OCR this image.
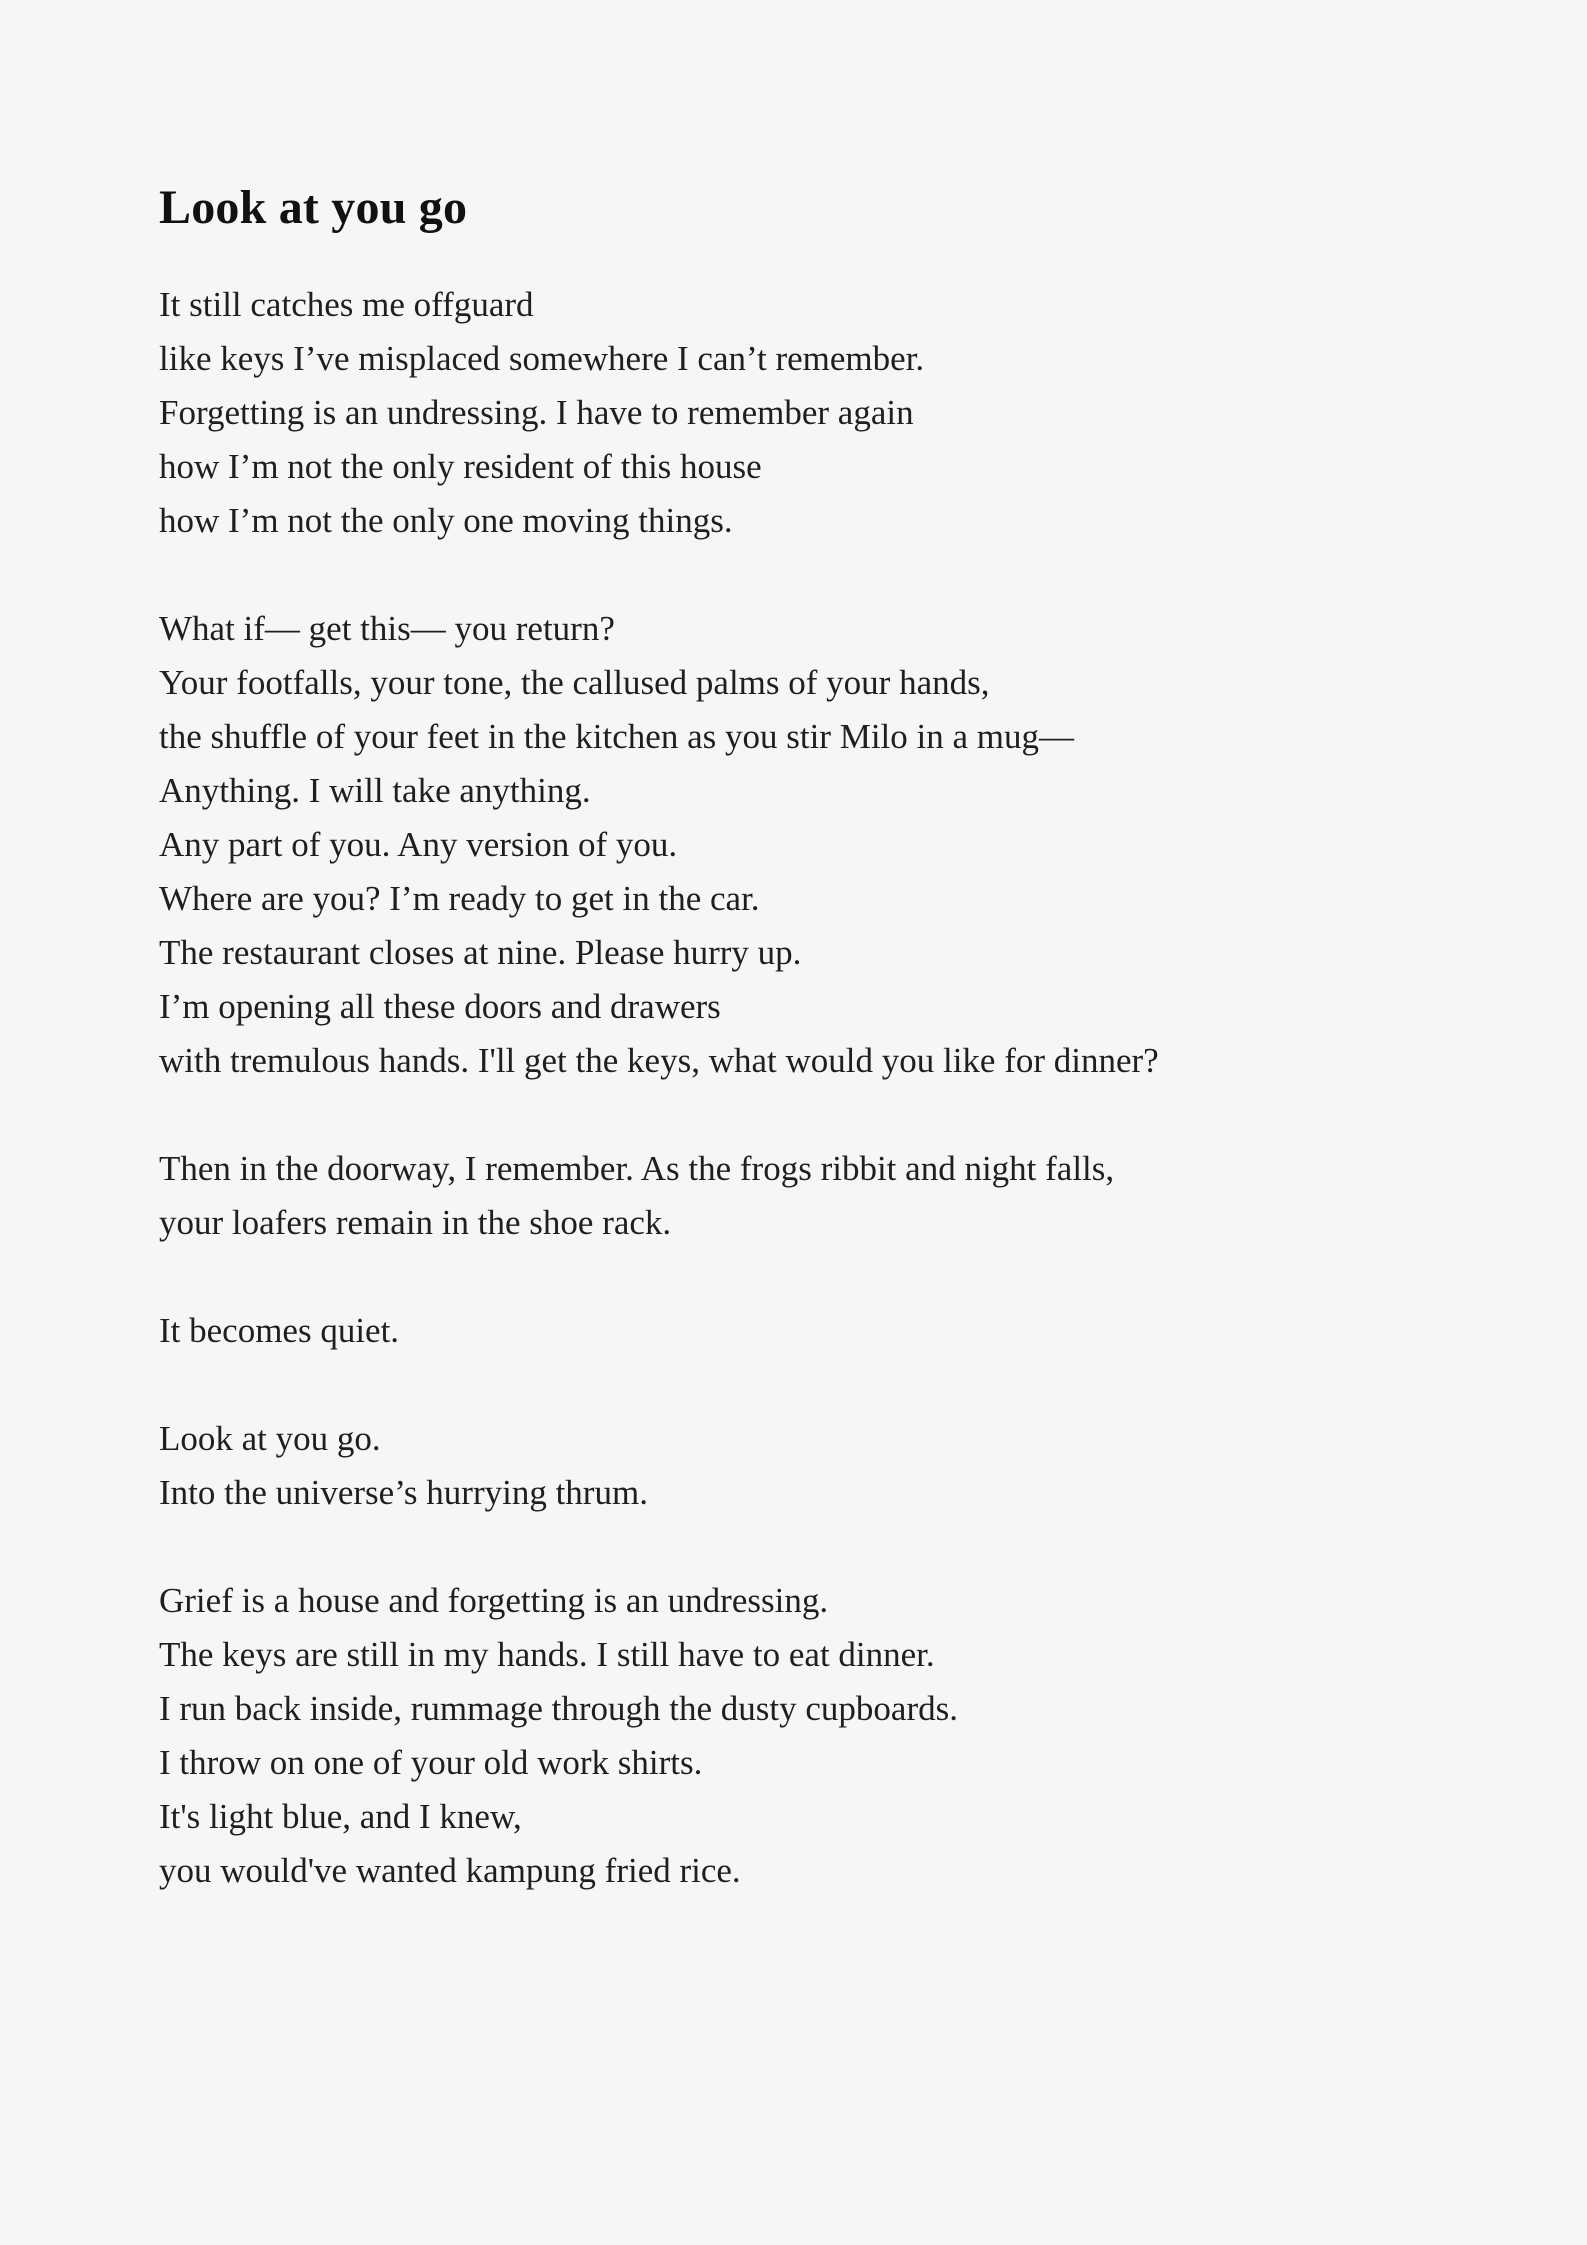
Look at you go
It still catches me offguard
like keys I’ve misplaced somewhere I can’t remember.
Forgetting is an undressing. I have to remember again
how I’m not the only resident of this house
how I’m not the only one moving things.
What if— get this— you return?
Your footfalls, your tone, the callused palms of your hands,
the shuffle of your feet in the kitchen as you stir Milo in a mug—
Anything. I will take anything.
Any part of you. Any version of you.
Where are you? I’m ready to get in the car.
The restaurant closes at nine. Please hurry up.
I’m opening all these doors and drawers
with tremulous hands. I'll get the keys, what would you like for dinner?
Then in the doorway, I remember. As the frogs ribbit and night falls,
your loafers remain in the shoe rack.
It becomes quiet.
Look at you go.
Into the universe’s hurrying thrum.
Grief is a house and forgetting is an undressing.
The keys are still in my hands. I still have to eat dinner.
I run back inside, rummage through the dusty cupboards.
I throw on one of your old work shirts.
It's light blue, and I knew,
you would've wanted kampung fried rice.
